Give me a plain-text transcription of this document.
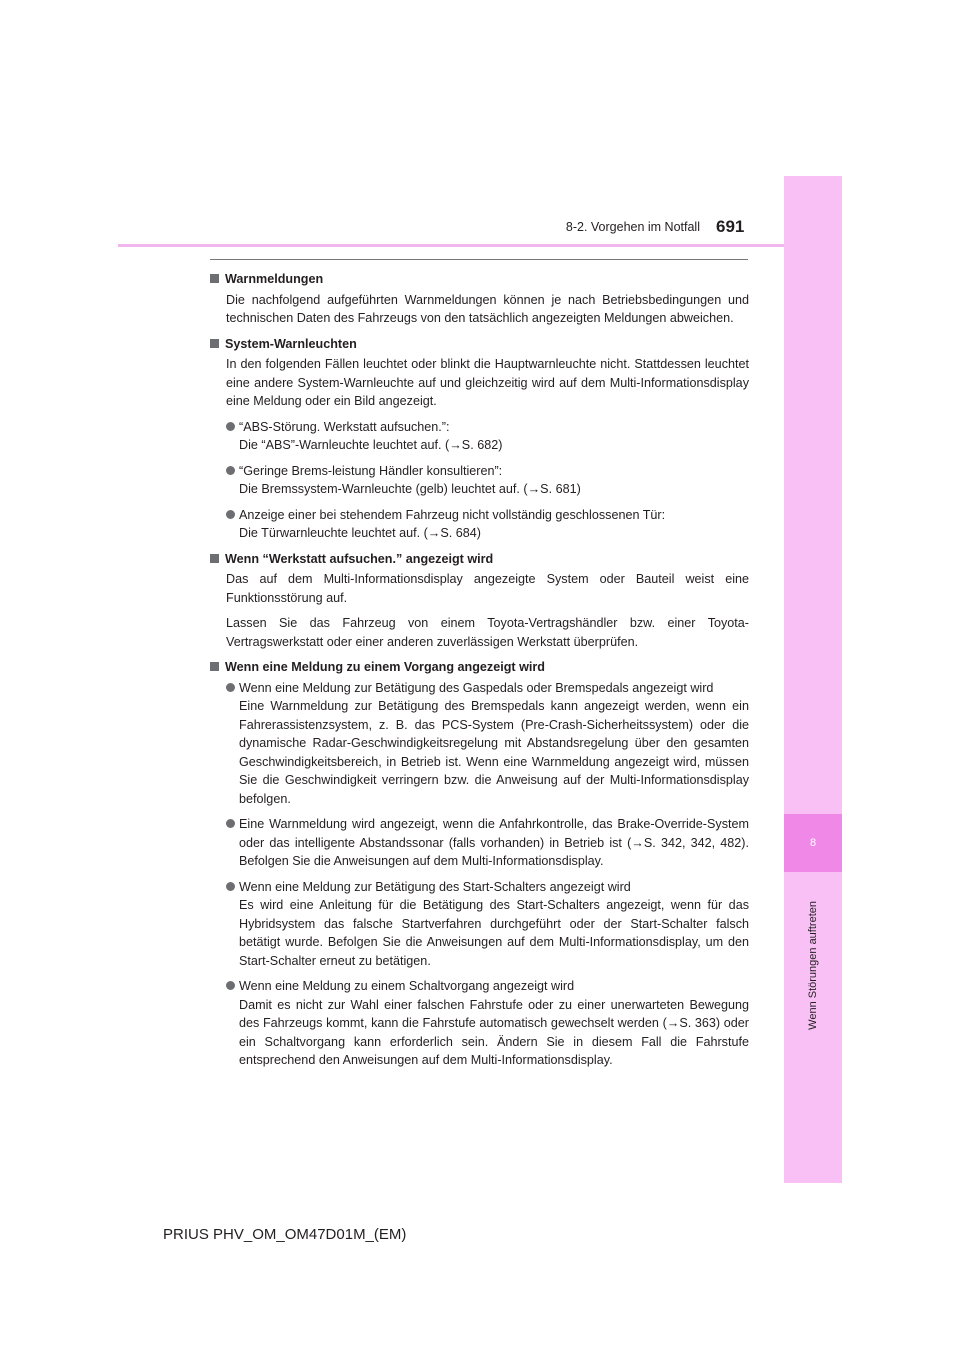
8
Wenn Störungen auftreten
8-2. Vorgehen im Notfall 691
Warnmeldungen

Die nachfolgend aufgeführten Warnmeldungen können je nach Betriebsbedingungen und technischen Daten des Fahrzeugs von den tatsächlich angezeigten Meldungen abweichen.

System-Warnleuchten

In den folgenden Fällen leuchtet oder blinkt die Hauptwarnleuchte nicht. Stattdessen leuchtet eine andere System-Warnleuchte auf und gleichzeitig wird auf dem Multi-Informationsdisplay eine Meldung oder ein Bild angezeigt.

“ABS-Störung. Werkstatt aufsuchen.”:

Die “ABS”-Warnleuchte leuchtet auf. (→S. 682)

“Geringe Brems-leistung Händler konsultieren”:

Die Bremssystem-Warnleuchte (gelb) leuchtet auf. (→S. 681)

Anzeige einer bei stehendem Fahrzeug nicht vollständig geschlossenen Tür:

Die Türwarnleuchte leuchtet auf. (→S. 684)

Wenn “Werkstatt aufsuchen.” angezeigt wird

Das auf dem Multi-Informationsdisplay angezeigte System oder Bauteil weist eine Funktionsstörung auf.

Lassen Sie das Fahrzeug von einem Toyota-Vertragshändler bzw. einer Toyota-Vertragswerkstatt oder einer anderen zuverlässigen Werkstatt überprüfen.

Wenn eine Meldung zu einem Vorgang angezeigt wird

Wenn eine Meldung zur Betätigung des Gaspedals oder Bremspedals angezeigt wird

Eine Warnmeldung zur Betätigung des Bremspedals kann angezeigt werden, wenn ein Fahrerassistenzsystem, z. B. das PCS-System (Pre-Crash-Sicherheitssystem) oder die dynamische Radar-Geschwindigkeitsregelung mit Abstandsregelung über den gesamten Geschwindigkeitsbereich, in Betrieb ist. Wenn eine Warnmeldung angezeigt wird, müssen Sie die Geschwindigkeit verringern bzw. die Anweisung auf der Multi-Informationsdisplay befolgen.

Eine Warnmeldung wird angezeigt, wenn die Anfahrkontrolle, das Brake-Override-System oder das intelligente Abstandssonar (falls vorhanden) in Betrieb ist (→S. 342, 342, 482). Befolgen Sie die Anweisungen auf dem Multi-Informationsdisplay.

Wenn eine Meldung zur Betätigung des Start-Schalters angezeigt wird

Es wird eine Anleitung für die Betätigung des Start-Schalters angezeigt, wenn für das Hybridsystem das falsche Startverfahren durchgeführt oder der Start-Schalter falsch betätigt wurde. Befolgen Sie die Anweisungen auf dem Multi-Informationsdisplay, um den Start-Schalter erneut zu betätigen.

Wenn eine Meldung zu einem Schaltvorgang angezeigt wird

Damit es nicht zur Wahl einer falschen Fahrstufe oder zu einer unerwarteten Bewegung des Fahrzeugs kommt, kann die Fahrstufe automatisch gewechselt werden (→S. 363) oder ein Schaltvorgang kann erforderlich sein. Ändern Sie in diesem Fall die Fahrstufe entsprechend den Anweisungen auf dem Multi-Informationsdisplay.

PRIUS PHV_OM_OM47D01M_(EM)
